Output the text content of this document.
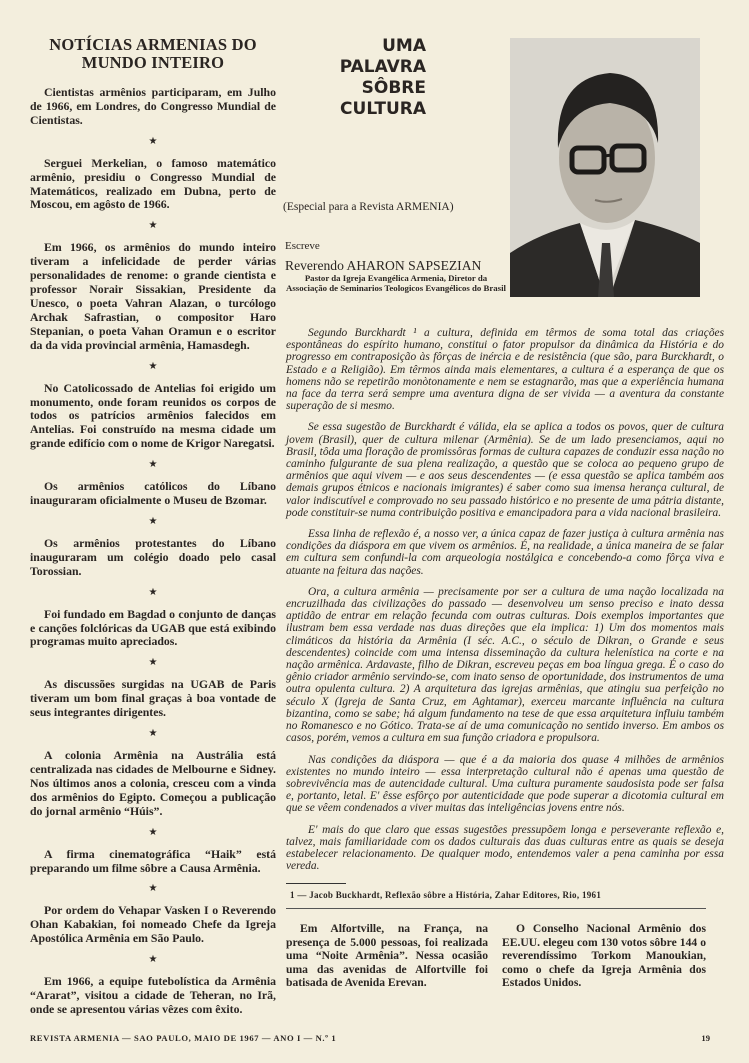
NOTÍCIAS ARMENIAS DO MUNDO INTEIRO

Cientistas armênios participaram, em Julho de 1966, em Londres, do Congresso Mundial de Cientistas.

★

Serguei Merkelian, o famoso matemático armênio, presidiu o Congresso Mundial de Matemáticos, realizado em Dubna, perto de Moscou, em agôsto de 1966.

★

Em 1966, os armênios do mundo inteiro tiveram a infelicidade de perder várias personalidades de renome: o grande cientista e professor Norair Sissakian, Presidente da Unesco, o poeta Vahran Alazan, o turcólogo Archak Safrastian, o compositor Haro Stepanian, o poeta Vahan Oramun e o escritor da da vida provincial armênia, Hamasdegh.

★

No Catolicossado de Antelias foi erigido um monumento, onde foram reunidos os corpos de todos os patrícios armênios falecidos em Antelias. Foi construído na mesma cidade um grande edifício com o nome de Krigor Naregatsi.

★

Os armênios católicos do Líbano inauguraram oficialmente o Museu de Bzomar.

★

Os armênios protestantes do Líbano inauguraram um colégio doado pelo casal Torossian.

★

Foi fundado em Bagdad o conjunto de danças e canções folclóricas da UGAB que está exibindo programas muito apreciados.

★

As discussões surgidas na UGAB de Paris tiveram um bom final graças à boa vontade de seus integrantes dirigentes.

★

A colonia Armênia na Austrália está centralizada nas cidades de Melbourne e Sidney. Nos últimos anos a colonia, cresceu com a vinda dos armênios do Egipto. Começou a publicação do jornal armênio “Húis”.

★

A firma cinematográfica “Haik” está preparando um filme sôbre a Causa Armênia.

★

Por ordem do Vehapar Vasken I o Reverendo Ohan Kabakian, foi nomeado Chefe da Igreja Apostólica Armênia em São Paulo.

★

Em 1966, a equipe futebolística da Armênia “Ararat”, visitou a cidade de Teheran, no Irã, onde se apresentou várias vêzes com êxito.

UMA
PALAVRA
SÔBRE
CULTURA
(Especial para a Revista ARMENIA)
Escreve
Reverendo AHARON SAPSEZIAN
Pastor da Igreja Evangélica Armenia, Diretor da Associação de Seminarios Teologicos Evangélicos do Brasil

Segundo Burckhardt ¹ a cultura, definida em têrmos de soma total das criações espontâneas do espírito humano, constitui o fator propulsor da dinâmica da História e do progresso em contraposição às fôrças de inércia e de resistência (que são, para Burckhardt, o Estado e a Religião). Em têrmos ainda mais elementares, a cultura é a esperança de que os homens não se repetirão monòtonamente e nem se estagnarão, mas que a experiência humana na face da terra será sempre uma aventura digna de ser vivida — a aventura da constante superação de si mesmo.

Se essa sugestão de Burckhardt é válida, ela se aplica a todos os povos, quer de cultura jovem (Brasil), quer de cultura milenar (Armênia). Se de um lado presenciamos, aqui no Brasil, tôda uma floração de promissôras formas de cultura capazes de conduzir essa nação no caminho fulgurante de sua plena realização, a questão que se coloca ao pequeno grupo de armênios que aqui vivem — e aos seus descendentes — (e essa questão se aplica também aos demais grupos étnicos e nacionais imigrantes) é saber como sua imensa herança cultural, de valor indiscutível e comprovado no seu passado histórico e no presente de uma pátria distante, pode constituir-se numa contribuição positiva e emancipadora para a vida nacional brasileira.

Essa linha de reflexão é, a nosso ver, a única capaz de fazer justiça à cultura armênia nas condições da diáspora em que vivem os armênios. É, na realidade, a única maneira de se falar em cultura sem confundi-la com arqueologia nostálgica e concebendo-a como fôrça viva e atuante na feitura das nações.

Ora, a cultura armênia — precisamente por ser a cultura de uma nação localizada na encruzilhada das civilizações do passado — desenvolveu um senso preciso e inato dessa aptidão de entrar em relação fecunda com outras culturas. Dois exemplos importantes que ilustram bem essa verdade nas duas direções que ela implica: 1) Um dos momentos mais climáticos da história da Armênia (I séc. A.C., o século de Dikran, o Grande e seus descendentes) coincide com uma intensa disseminação da cultura helenística na corte e na nação armênica. Ardavaste, filho de Dikran, escreveu peças em boa língua grega. É o caso do gênio criador armênio servindo-se, com inato senso de oportunidade, dos instrumentos de uma outra opulenta cultura. 2) A arquitetura das igrejas armênias, que atingiu sua perfeição no século X (Igreja de Santa Cruz, em Aghtamar), exerceu marcante influência na cultura bizantina, como se sabe; há algum fundamento na tese de que essa arquitetura influiu também no Romanesco e no Gótico. Trata-se aí de uma comunicação no sentido inverso. Em ambos os casos, porém, vemos a cultura em sua função criadora e propulsora.

Nas condições da diáspora — que é a da maioria dos quase 4 milhões de armênios existentes no mundo inteiro — essa interpretação cultural não é apenas uma questão de sobrevivência mas de autencidade cultural. Uma cultura puramente saudosista pode ser falsa e, portanto, letal. E' êsse esfôrço por autenticidade que pode superar a dicotomia cultural em que se vêem condenados a viver muitas das inteligências jovens entre nós.

E' mais do que claro que essas sugestões pressupõem longa e perseverante reflexão e, talvez, mais familiaridade com os dados culturais das duas culturas entre as quais se deseja estabelecer relacionamento. De qualquer modo, entendemos valer a pena caminha por essa vereda.

1 — Jacob Buckhardt, Reflexão sôbre a História, Zahar Editores, Rio, 1961

Em Alfortville, na França, na presença de 5.000 pessoas, foi realizada uma “Noite Armênia”. Nessa ocasião uma das avenidas de Alfortville foi batisada de Avenida Erevan.

O Conselho Nacional Armênio dos EE.UU. elegeu com 130 votos sôbre 144 o reverendíssimo Torkom Manoukian, como o chefe da Igreja Armênia dos Estados Unidos.

REVISTA ARMENIA — SAO PAULO, MAIO DE 1967 — ANO I — N.º 1	19
